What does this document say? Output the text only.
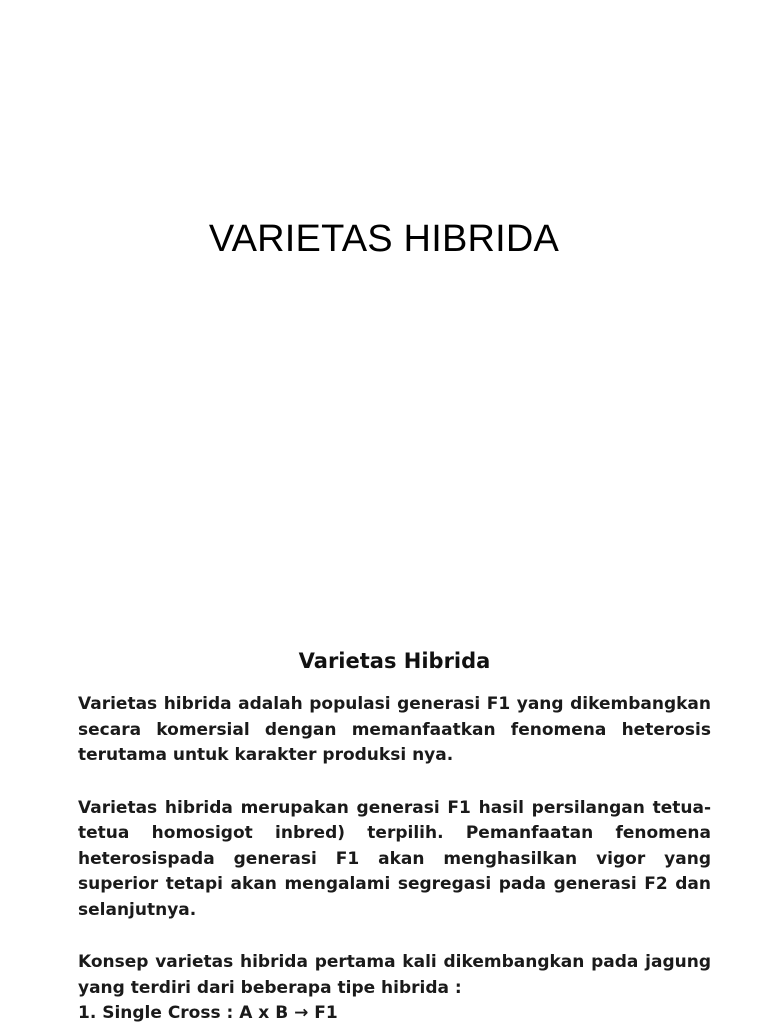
VARIETAS HIBRIDA
Varietas Hibrida

Varietas hibrida adalah populasi generasi F1 yang dikembangkan secara komersial dengan memanfaatkan fenomena heterosis terutama untuk karakter produksi nya.

Varietas hibrida merupakan generasi F1 hasil persilangan tetua-tetua homosigot inbred) terpilih. Pemanfaatan fenomena heterosispada generasi F1 akan menghasilkan vigor yang superior tetapi akan mengalami segregasi pada generasi F2 dan selanjutnya.

Konsep varietas hibrida pertama kali dikembangkan pada jagung yang terdiri dari beberapa tipe hibrida :

1. Single Cross : A x B → F1
